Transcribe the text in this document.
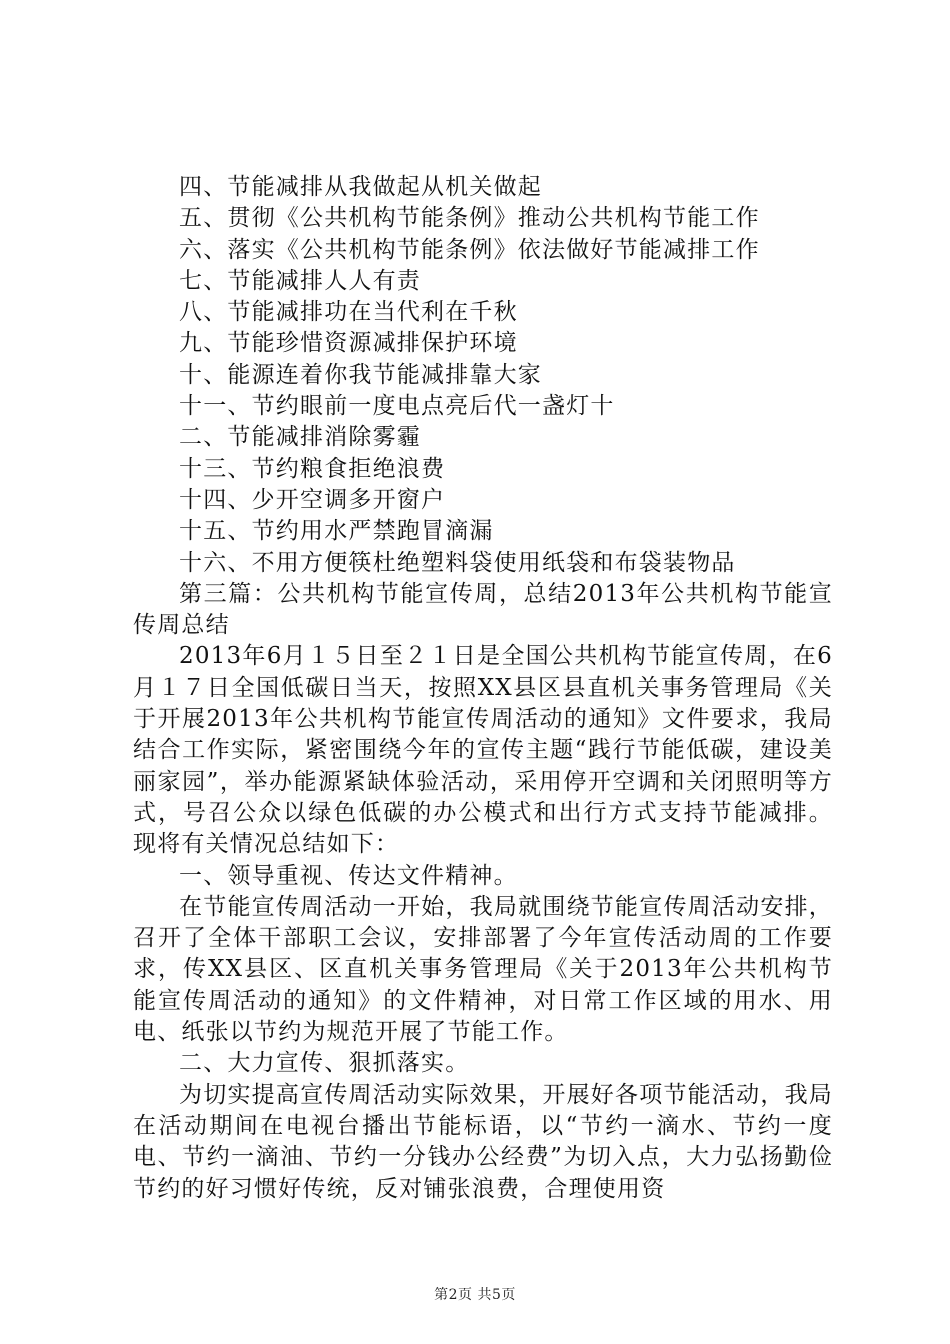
四、节能减排从我做起从机关做起
五、贯彻《公共机构节能条例》推动公共机构节能工作
六、落实《公共机构节能条例》依法做好节能减排工作
七、节能减排人人有责
八、节能减排功在当代利在千秋
九、节能珍惜资源减排保护环境
十、能源连着你我节能减排靠大家
十一、节约眼前一度电点亮后代一盏灯十
二、节能减排消除雾霾
十三、节约粮食拒绝浪费
十四、少开空调多开窗户
十五、节约用水严禁跑冒滴漏
十六、不用方便筷杜绝塑料袋使用纸袋和布袋装物品
第三篇：公共机构节能宣传周，总结2013年公共机构节能宣传周总结
2013年6月１５日至２１日是全国公共机构节能宣传周，在6月１７日全国低碳日当天，按照XX县区县直机关事务管理局《关于开展2013年公共机构节能宣传周活动的通知》文件要求，我局结合工作实际，紧密围绕今年的宣传主题“践行节能低碳，建设美丽家园”，举办能源紧缺体验活动，采用停开空调和关闭照明等方式，号召公众以绿色低碳的办公模式和出行方式支持节能减排。现将有关情况总结如下：
一、领导重视、传达文件精神。
在节能宣传周活动一开始，我局就围绕节能宣传周活动安排，召开了全体干部职工会议，安排部署了今年宣传活动周的工作要求，传XX县区、区直机关事务管理局《关于2013年公共机构节能宣传周活动的通知》的文件精神，对日常工作区域的用水、用电、纸张以节约为规范开展了节能工作。
二、大力宣传、狠抓落实。
为切实提高宣传周活动实际效果，开展好各项节能活动，我局在活动期间在电视台播出节能标语，以“节约一滴水、节约一度电、节约一滴油、节约一分钱办公经费”为切入点，大力弘扬勤俭节约的好习惯好传统，反对铺张浪费，合理使用资
第2页 共5页
